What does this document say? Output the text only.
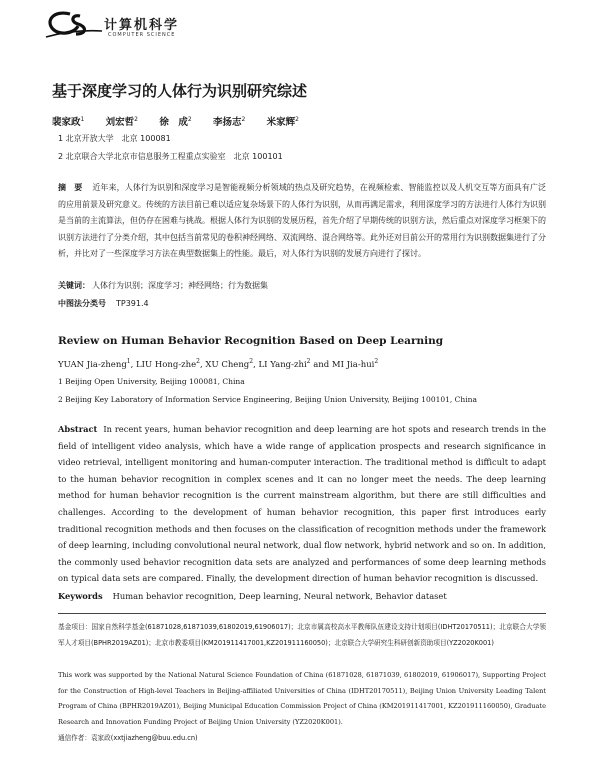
计算机科学
COMPUTER SCIENCE
基于深度学习的人体行为识别研究综述
裴家政$^1$ 刘宏哲$^2$ 徐　成$^2$ 李扬志$^2$ 米家辉$^2$
1 北京开放大学　北京 100081
2 北京联合大学北京市信息服务工程重点实验室　北京 100101
摘　要 近年来，人体行为识别和深度学习是智能视频分析领域的热点及研究趋势，在视频检索、智能监控以及人机交互等方面具有广泛的应用前景及研究意义。传统的方法目前已难以适应复杂场景下的人体行为识别，从而再满足需求，利用深度学习的方法进行人体行为识别是当前的主流算法，但仍存在困难与挑战。根据人体行为识别的发展历程，首先介绍了早期传统的识别方法，然后重点对深度学习框架下的识别方法进行了分类介绍，其中包括当前常见的卷积神经网络、双流网络、混合网络等。此外还对目前公开的常用行为识别数据集进行了分析，并比对了一些深度学习方法在典型数据集上的性能。最后，对人体行为识别的发展方向进行了探讨。
关键词： 人体行为识别；深度学习；神经网络；行为数据集
中图法分类号 TP391.4
Review on Human Behavior Recognition Based on Deep Learning
YUAN Jia-zheng$^1$, LIU Hong-zhe$^2$, XU Cheng$^2$, LI Yang-zhi$^2$ and MI Jia-hui$^2$
1 Beijing Open University, Beijing 100081, China
2 Beijing Key Laboratory of Information Service Engineering, Beijing Union University, Beijing 100101, China
Abstract In recent years, human behavior recognition and deep learning are hot spots and research trends in the field of intelligent video analysis, which have a wide range of application prospects and research significance in video retrieval, intelligent monitoring and human-computer interaction. The traditional method is difficult to adapt to the human behavior recognition in complex scenes and it can no longer meet the needs. The deep learning method for human behavior recognition is the current mainstream algorithm, but there are still difficulties and challenges. According to the development of human behavior recognition, this paper first introduces early traditional recognition methods and then focuses on the classification of recognition methods under the framework of deep learning, including convolutional neural network, dual flow network, hybrid network and so on. In addition, the commonly used behavior recognition data sets are analyzed and performances of some deep learning methods on typical data sets are compared. Finally, the development direction of human behavior recognition is discussed.
Keywords Human behavior recognition, Deep learning, Neural network, Behavior dataset
基金项目：国家自然科学基金(61871028,61871039,61802019,61906017)；北京市属高校高水平教师队伍建设支持计划项目(IDHT20170511)；北京联合大学领军人才项目(BPHR2019AZ01)；北京市教委项目(KM201911417001,KZ201911160050)；北京联合大学研究生科研创新资助项目(YZ2020K001)
This work was supported by the National Natural Science Foundation of China (61871028, 61871039, 61802019, 61906017), Supporting Project for the Construction of High-level Teachers in Beijing-affiliated Universities of China (IDHT20170511), Beijing Union University Leading Talent Program of China (BPHR2019AZ01), Beijing Municipal Education Commission Project of China (KM201911417001, KZ201911160050), Graduate Research and Innovation Funding Project of Beijing Union University (YZ2020K001).
通信作者：袁家政(xxtjiazheng@buu.edu.cn)
